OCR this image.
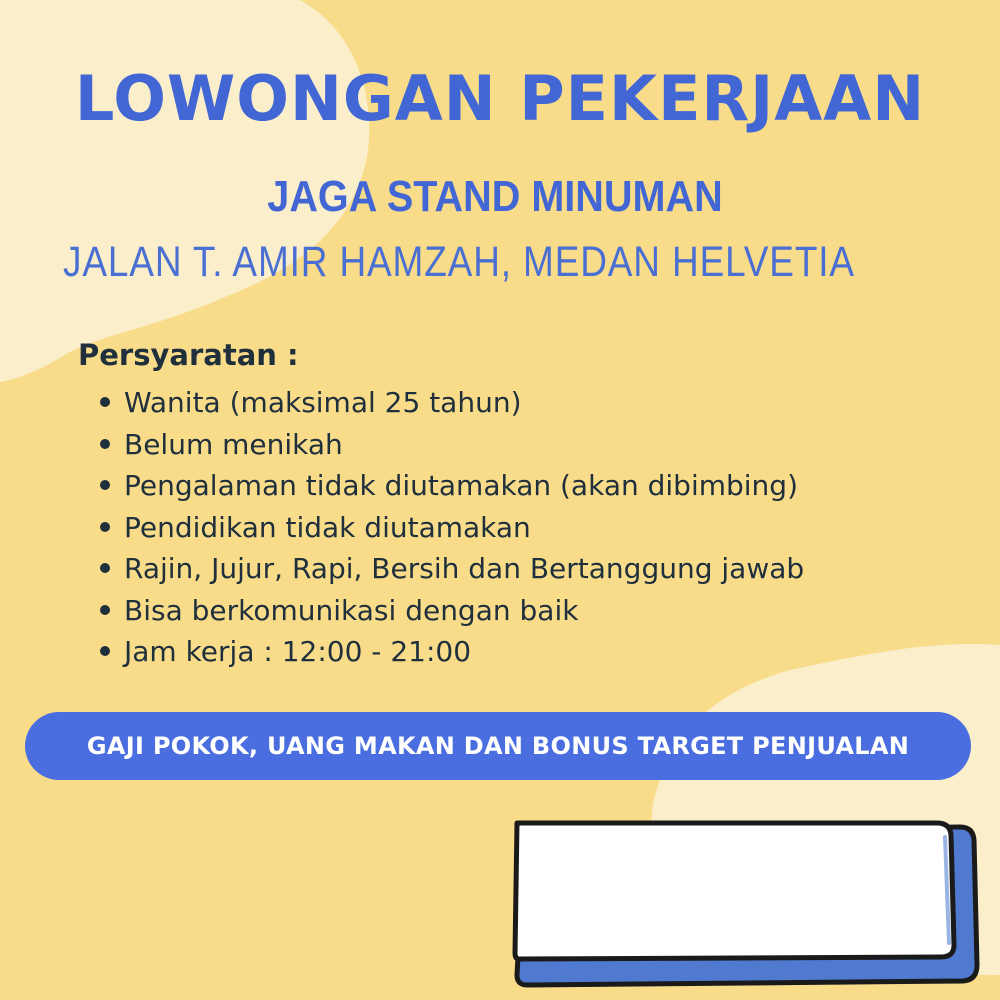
LOWONGAN PEKERJAAN
JAGA STAND MINUMAN
JALAN T. AMIR HAMZAH, MEDAN HELVETIA
Persyaratan :
Wanita (maksimal 25 tahun)
Belum menikah
Pengalaman tidak diutamakan (akan dibimbing)
Pendidikan tidak diutamakan
Rajin, Jujur, Rapi, Bersih dan Bertanggung jawab
Bisa berkomunikasi dengan baik
Jam kerja : 12:00 - 21:00
GAJI POKOK, UANG MAKAN DAN BONUS TARGET PENJUALAN
